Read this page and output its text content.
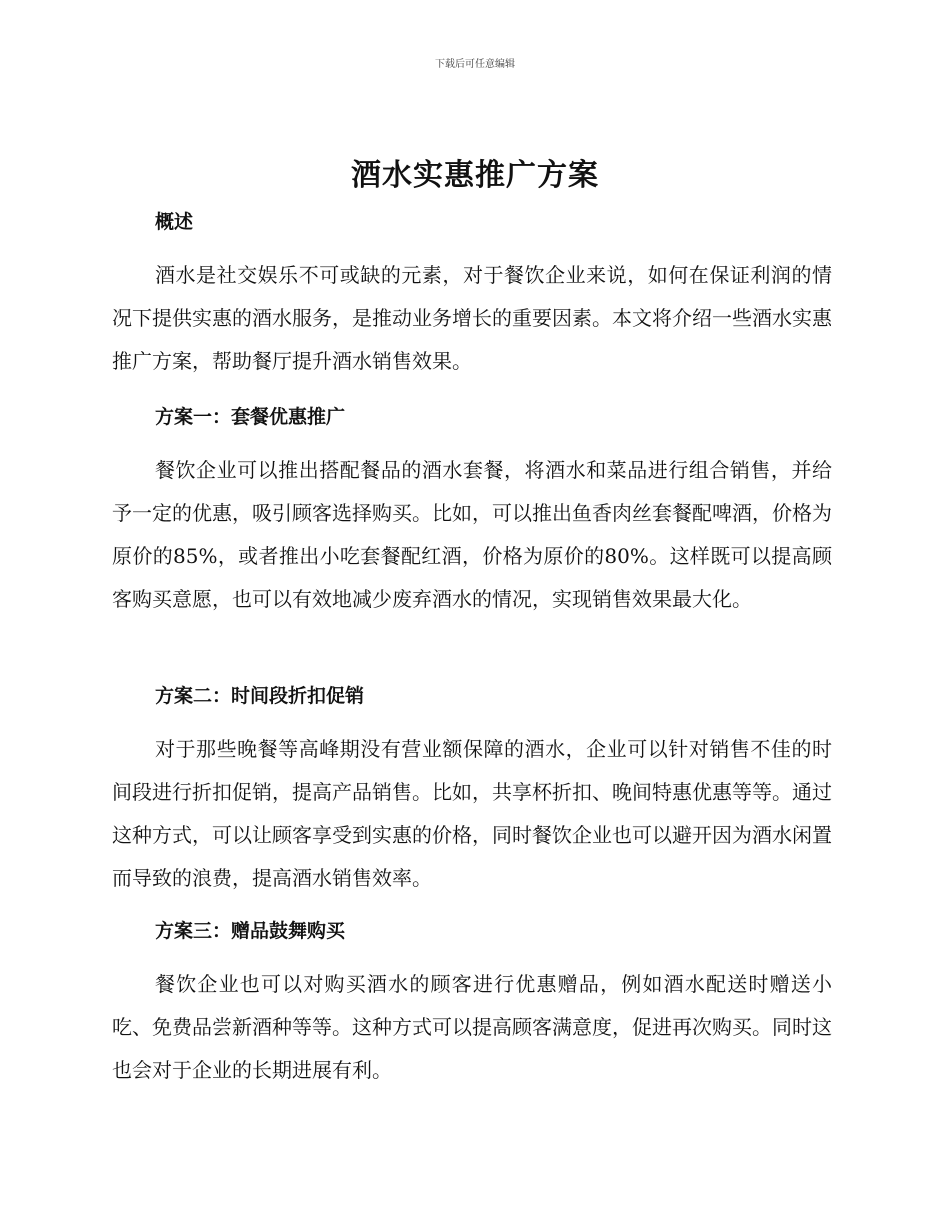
下载后可任意编辑
酒水实惠推广方案
概述
酒水是社交娱乐不可或缺的元素，对于餐饮企业来说，如何在保证利润的情况下提供实惠的酒水服务，是推动业务增长的重要因素。本文将介绍一些酒水实惠推广方案，帮助餐厅提升酒水销售效果。
方案一：套餐优惠推广
餐饮企业可以推出搭配餐品的酒水套餐，将酒水和菜品进行组合销售，并给予一定的优惠，吸引顾客选择购买。比如，可以推出鱼香肉丝套餐配啤酒，价格为原价的85%，或者推出小吃套餐配红酒，价格为原价的80%。这样既可以提高顾客购买意愿，也可以有效地减少废弃酒水的情况，实现销售效果最大化。
方案二：时间段折扣促销
对于那些晚餐等高峰期没有营业额保障的酒水，企业可以针对销售不佳的时间段进行折扣促销，提高产品销售。比如，共享杯折扣、晚间特惠优惠等等。通过这种方式，可以让顾客享受到实惠的价格，同时餐饮企业也可以避开因为酒水闲置而导致的浪费，提高酒水销售效率。
方案三：赠品鼓舞购买
餐饮企业也可以对购买酒水的顾客进行优惠赠品，例如酒水配送时赠送小吃、免费品尝新酒种等等。这种方式可以提高顾客满意度，促进再次购买。同时这也会对于企业的长期进展有利。
